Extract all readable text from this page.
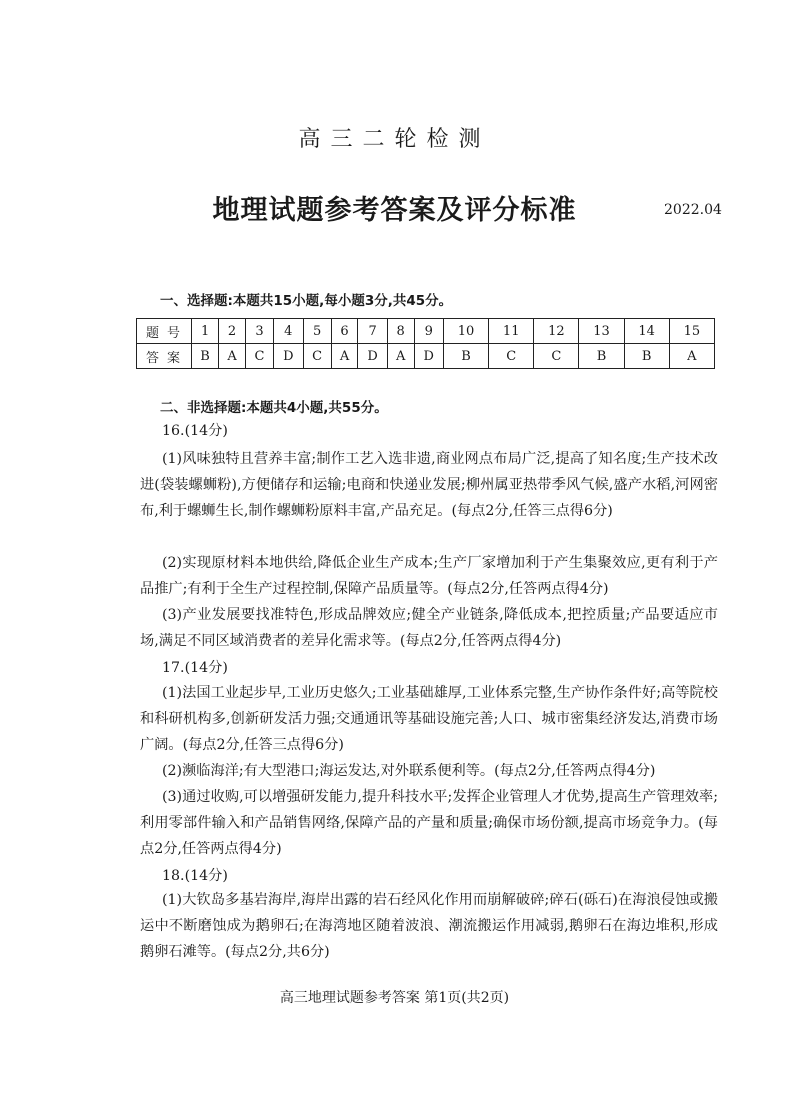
高三二轮检测
地理试题参考答案及评分标准	2022.04
一、选择题:本题共15小题,每小题3分,共45分。
题号	1	2	3	4	5	6	7	8	9	10	11	12	13	14	15
答案	B	A	C	D	C	A	D	A	D	B	C	C	B	B	A
二、非选择题:本题共4小题,共55分。
16.(14分)
(1)风味独特且营养丰富;制作工艺入选非遗,商业网点布局广泛,提高了知名度;生产技术改进(袋装螺蛳粉),方便储存和运输;电商和快递业发展;柳州属亚热带季风气候,盛产水稻,河网密布,利于螺蛳生长,制作螺蛳粉原料丰富,产品充足。(每点2分,任答三点得6分)
(2)实现原材料本地供给,降低企业生产成本;生产厂家增加利于产生集聚效应,更有利于产品推广;有利于全生产过程控制,保障产品质量等。(每点2分,任答两点得4分)
(3)产业发展要找准特色,形成品牌效应;健全产业链条,降低成本,把控质量;产品要适应市场,满足不同区域消费者的差异化需求等。(每点2分,任答两点得4分)
17.(14分)
(1)法国工业起步早,工业历史悠久;工业基础雄厚,工业体系完整,生产协作条件好;高等院校和科研机构多,创新研发活力强;交通通讯等基础设施完善;人口、城市密集经济发达,消费市场广阔。(每点2分,任答三点得6分)
(2)濒临海洋;有大型港口;海运发达,对外联系便利等。(每点2分,任答两点得4分)
(3)通过收购,可以增强研发能力,提升科技水平;发挥企业管理人才优势,提高生产管理效率;利用零部件输入和产品销售网络,保障产品的产量和质量;确保市场份额,提高市场竞争力。(每点2分,任答两点得4分)
18.(14分)
(1)大钦岛多基岩海岸,海岸出露的岩石经风化作用而崩解破碎;碎石(砾石)在海浪侵蚀或搬运中不断磨蚀成为鹅卵石;在海湾地区随着波浪、潮流搬运作用减弱,鹅卵石在海边堆积,形成鹅卵石滩等。(每点2分,共6分)
高三地理试题参考答案 第1页(共2页)
